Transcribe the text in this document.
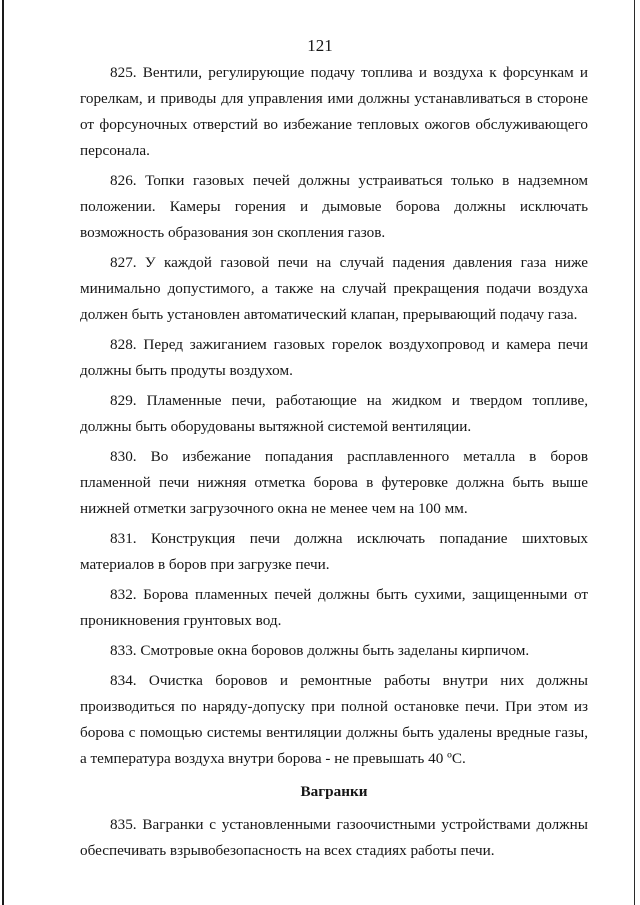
121

825. Вентили, регулирующие подачу топлива и воздуха к форсункам и горелкам, и приводы для управления ими должны устанавливаться в стороне от форсуночных отверстий во избежание тепловых ожогов обслуживающего персонала.

826. Топки газовых печей должны устраиваться только в надземном положении. Камеры горения и дымовые борова должны исключать возможность образования зон скопления газов.

827. У каждой газовой печи на случай падения давления газа ниже минимально допустимого, а также на случай прекращения подачи воздуха должен быть установлен автоматический клапан, прерывающий подачу газа.

828. Перед зажиганием газовых горелок воздухопровод и камера печи должны быть продуты воздухом.

829. Пламенные печи, работающие на жидком и твердом топливе, должны быть оборудованы вытяжной системой вентиляции.

830. Во избежание попадания расплавленного металла в боров пламенной печи нижняя отметка борова в футеровке должна быть выше нижней отметки загрузочного окна не менее чем на 100 мм.

831. Конструкция печи должна исключать попадание шихтовых материалов в боров при загрузке печи.

832. Борова пламенных печей должны быть сухими, защищенными от проникновения грунтовых вод.

833. Смотровые окна боровов должны быть заделаны кирпичом.

834. Очистка боровов и ремонтные работы внутри них должны производиться по наряду-допуску при полной остановке печи. При этом из борова с помощью системы вентиляции должны быть удалены вредные газы, а температура воздуха внутри борова - не превышать 40 ºС.

Вагранки

835. Вагранки с установленными газоочистными устройствами должны обеспечивать взрывобезопасность на всех стадиях работы печи.
